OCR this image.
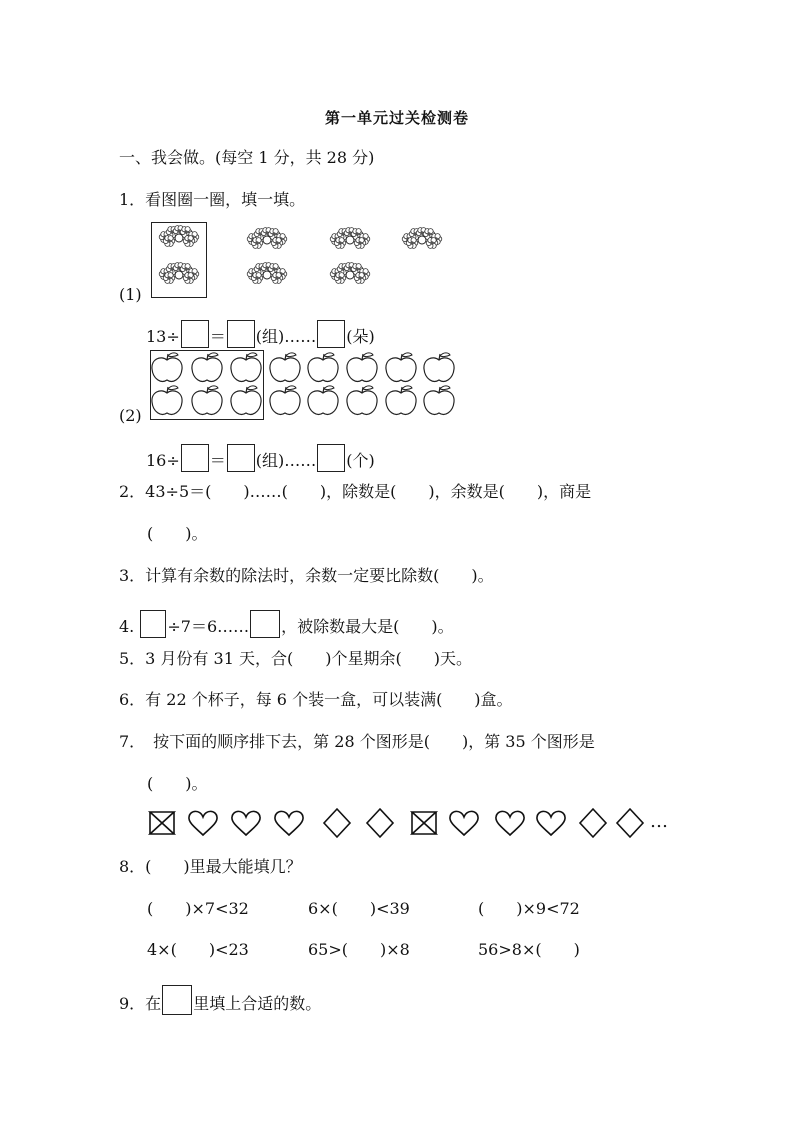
第一单元过关检测卷
一、我会做。(每空 1 分，共 28 分)
1．看图圈一圈，填一填。
(1)
13÷ ＝ (组)…… (朵)
(2)
16÷ ＝ (组)…… (个)
2．43÷5＝(　　)……(　　)，除数是(　　)，余数是(　　)，商是
(　　)。
3．计算有余数的除法时，余数一定要比除数(　　)。
4. ÷7＝6…… ，被除数最大是(　　)。
5．3 月份有 31 天，合(　　)个星期余(　　)天。
6．有 22 个杯子，每 6 个装一盒，可以装满(　　)盒。
7．　按下面的顺序排下去，第 28 个图形是(　　)，第 35 个图形是
(　　)。
…
8．(　　)里最大能填几？
(　　)×7<32	6×(　　)<39	(　　)×9<72
4×(　　)<23	65>(　　)×8	56>8×(　　)
9．在 里填上合适的数。
